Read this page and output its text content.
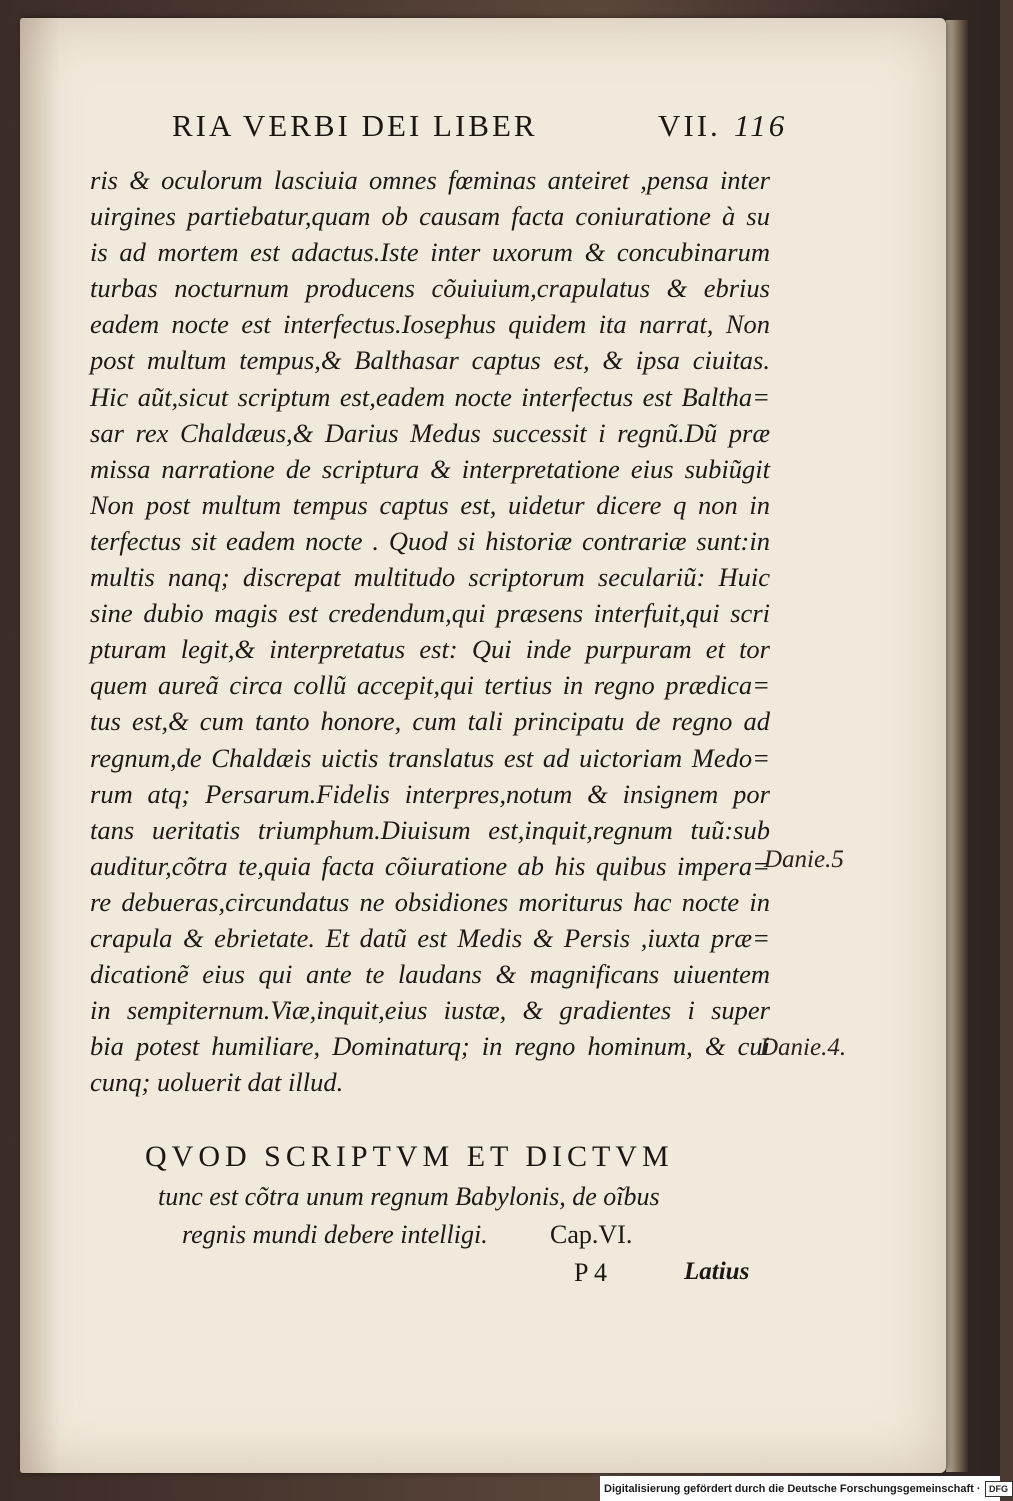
RIA VERBI DEI LIBER	VII. 116
ris & oculorum lasciuia omnes fœminas anteiret ,pensa inter
uirgines partiebatur,quam ob causam facta coniuratione à su
is ad mortem est adactus.Iste inter uxorum & concubinarum
turbas nocturnum producens cõuiuium,crapulatus & ebrius
eadem nocte est interfectus.Iosephus quidem ita narrat, Non
post multum tempus,& Balthasar captus est, & ipsa ciuitas.
Hic aũt,sicut scriptum est,eadem nocte interfectus est Baltha=
sar rex Chaldæus,& Darius Medus successit i regnũ.Dũ præ
missa narratione de scriptura & interpretatione eius subiũgit
Non post multum tempus captus est, uidetur dicere q non in
terfectus sit eadem nocte . Quod si historiæ contrariæ sunt:in
multis nanq; discrepat multitudo scriptorum seculariũ: Huic
sine dubio magis est credendum,qui præsens interfuit,qui scri
pturam legit,& interpretatus est: Qui inde purpuram et tor
quem aureã circa collũ accepit,qui tertius in regno prædica=
tus est,& cum tanto honore, cum tali principatu de regno ad
regnum,de Chaldæis uictis translatus est ad uictoriam Medo=
rum atq; Persarum.Fidelis interpres,notum & insignem por
tans ueritatis triumphum.Diuisum est,inquit,regnum tuũ:sub
auditur,cõtra te,quia facta cõiuratione ab his quibus impera=
re debueras,circundatus ne obsidiones moriturus hac nocte in
crapula & ebrietate. Et datũ est Medis & Persis ,iuxta præ=
dicationẽ eius qui ante te laudans & magnificans uiuentem
in sempiternum.Viæ,inquit,eius iustæ, & gradientes i super
bia potest humiliare, Dominaturq; in regno hominum, & cui
cunq; uoluerit dat illud.
Danie.5
Danie.4.
QVOD SCRIPTVM ET DICTVM
tunc est cõtra unum regnum Babylonis, de oĩbus
regnis mundi debere intelligi. Cap.VI.
P 4	Latius
Digitalisierung gefördert durch die Deutsche Forschungsgemeinschaft · DFG
